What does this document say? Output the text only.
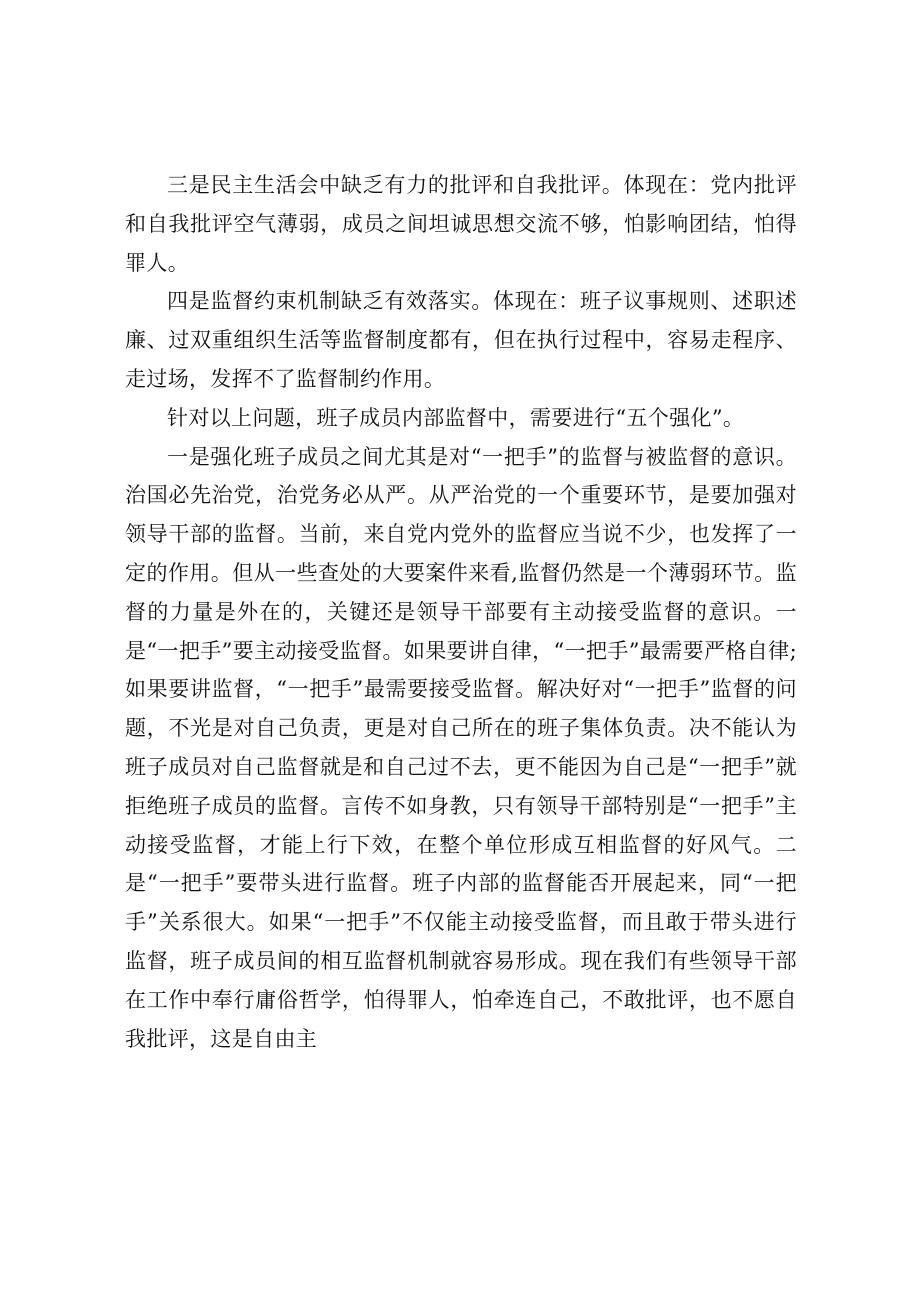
三是民主生活会中缺乏有力的批评和自我批评。体现在：党内批评和自我批评空气薄弱，成员之间坦诚思想交流不够，怕影响团结，怕得罪人。

四是监督约束机制缺乏有效落实。体现在：班子议事规则、述职述廉、过双重组织生活等监督制度都有，但在执行过程中，容易走程序、走过场，发挥不了监督制约作用。

针对以上问题，班子成员内部监督中，需要进行“五个强化”。

一是强化班子成员之间尤其是对“一把手”的监督与被监督的意识。治国必先治党，治党务必从严。从严治党的一个重要环节，是要加强对领导干部的监督。当前，来自党内党外的监督应当说不少，也发挥了一定的作用。但从一些查处的大要案件来看,监督仍然是一个薄弱环节。监督的力量是外在的，关键还是领导干部要有主动接受监督的意识。一是“一把手”要主动接受监督。如果要讲自律，“一把手”最需要严格自律;如果要讲监督，“一把手”最需要接受监督。解决好对“一把手”监督的问题，不光是对自己负责，更是对自己所在的班子集体负责。决不能认为班子成员对自己监督就是和自己过不去，更不能因为自己是“一把手”就拒绝班子成员的监督。言传不如身教，只有领导干部特别是“一把手”主动接受监督，才能上行下效，在整个单位形成互相监督的好风气。二是“一把手”要带头进行监督。班子内部的监督能否开展起来，同“一把手”关系很大。如果“一把手”不仅能主动接受监督，而且敢于带头进行监督，班子成员间的相互监督机制就容易形成。现在我们有些领导干部在工作中奉行庸俗哲学，怕得罪人，怕牵连自己，不敢批评，也不愿自我批评，这是自由主
